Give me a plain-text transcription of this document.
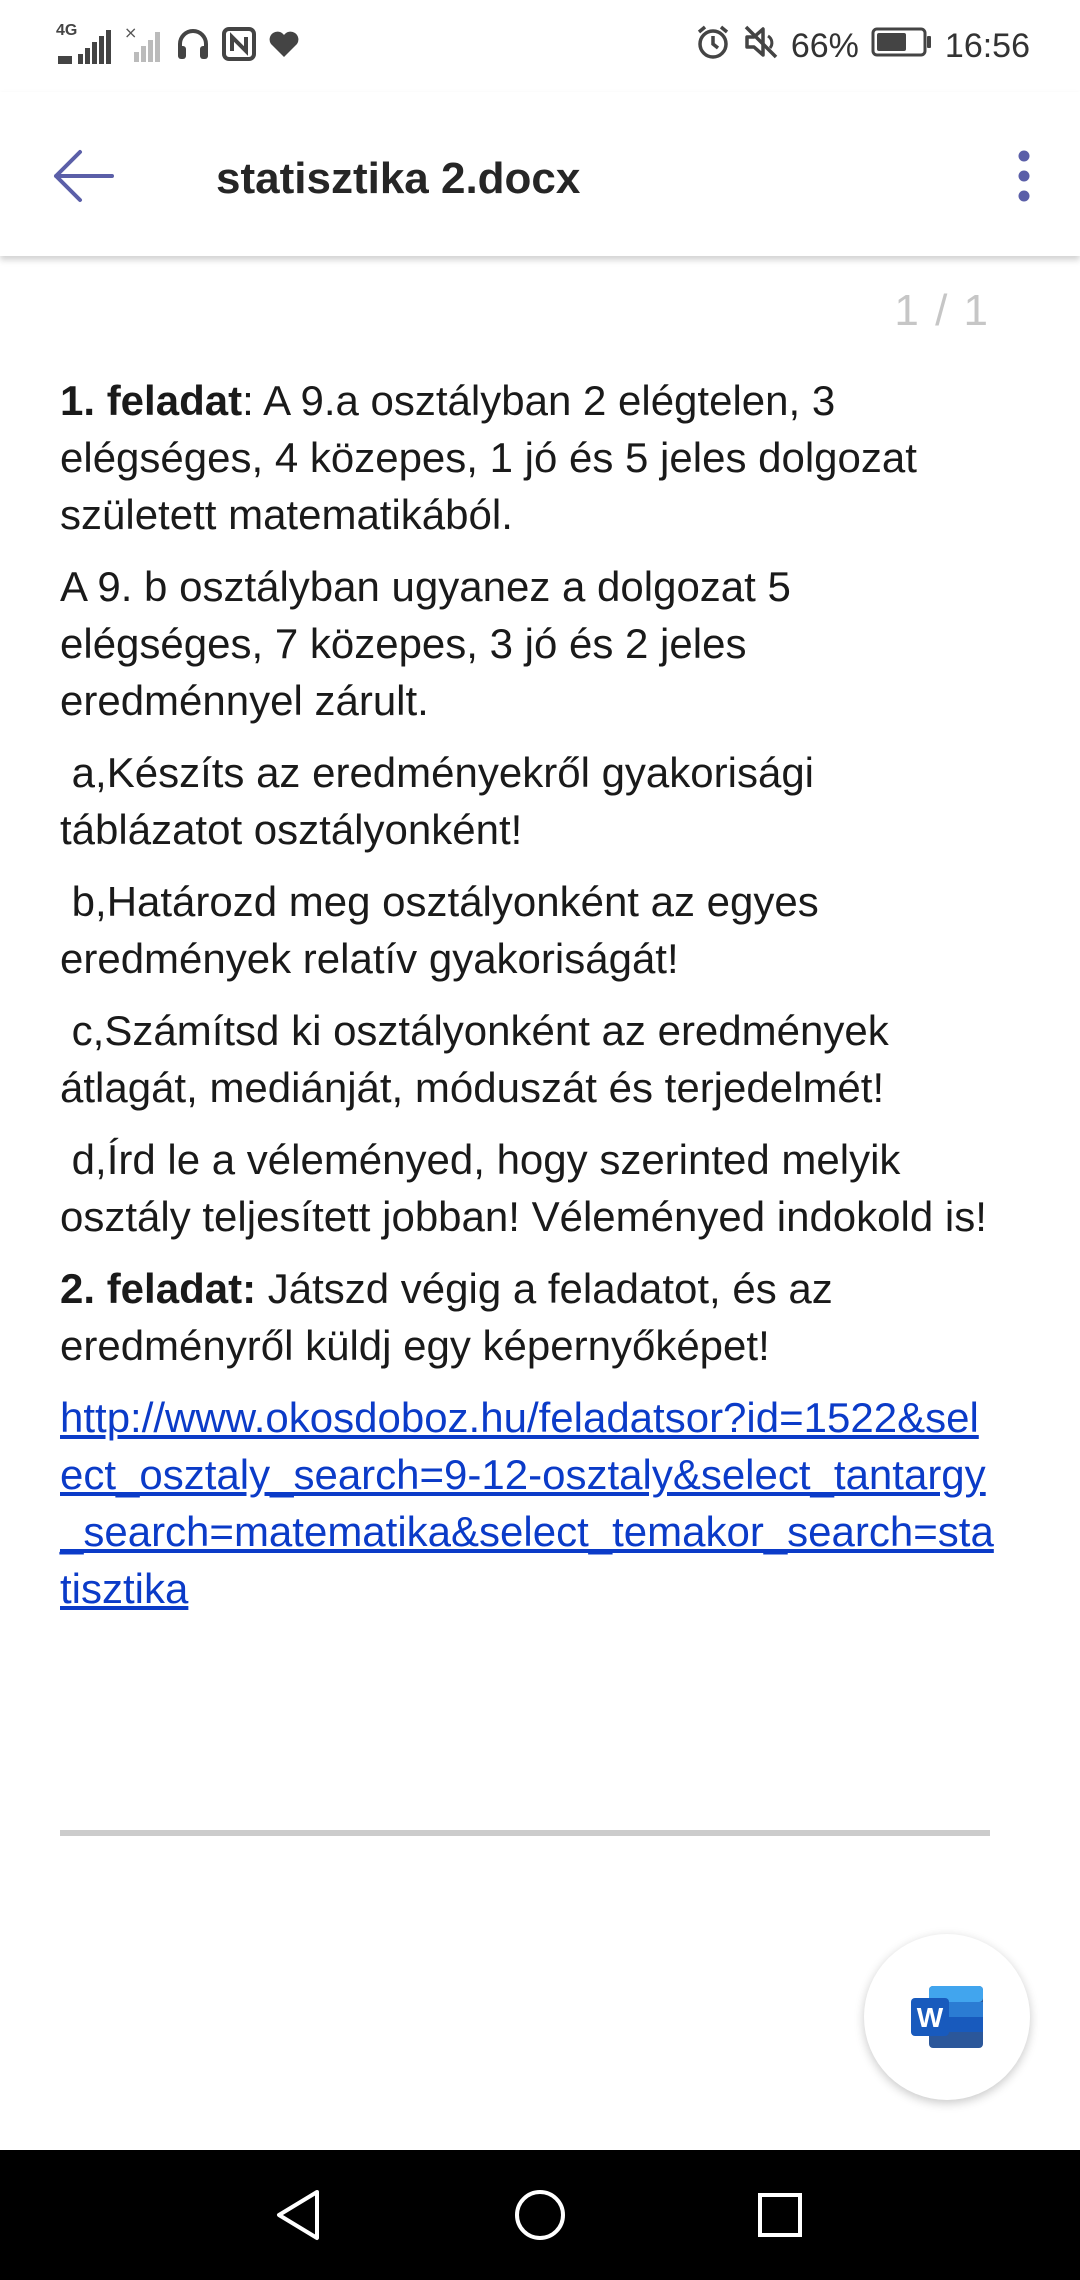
4G	×	66%	16:56
statisztika 2.docx
1 / 1

1. feladat: A 9.a osztályban 2 elégtelen, 3 elégséges, 4 közepes, 1 jó és 5 jeles dolgozat született matematikából.

A 9. b osztályban ugyanez a dolgozat 5 elégséges, 7 közepes, 3 jó és 2 jeles eredménnyel zárult.

a,Készíts az eredményekről gyakorisági táblázatot osztályonként!

b,Határozd meg osztályonként az egyes eredmények relatív gyakoriságát!

c,Számítsd ki osztályonként az eredmények átlagát, mediánját, móduszát és terjedelmét!

d,Írd le a véleményed, hogy szerinted melyik osztály teljesített jobban! Véleményed indokold is!

2. feladat: Játszd végig a feladatot, és az eredményről küldj egy képernyőképet!

http://www.okosdoboz.hu/feladatsor?id=1522&select_osztaly_search=9-12-osztaly&select_tantargy_search=matematika&select_temakor_search=statisztika

W
